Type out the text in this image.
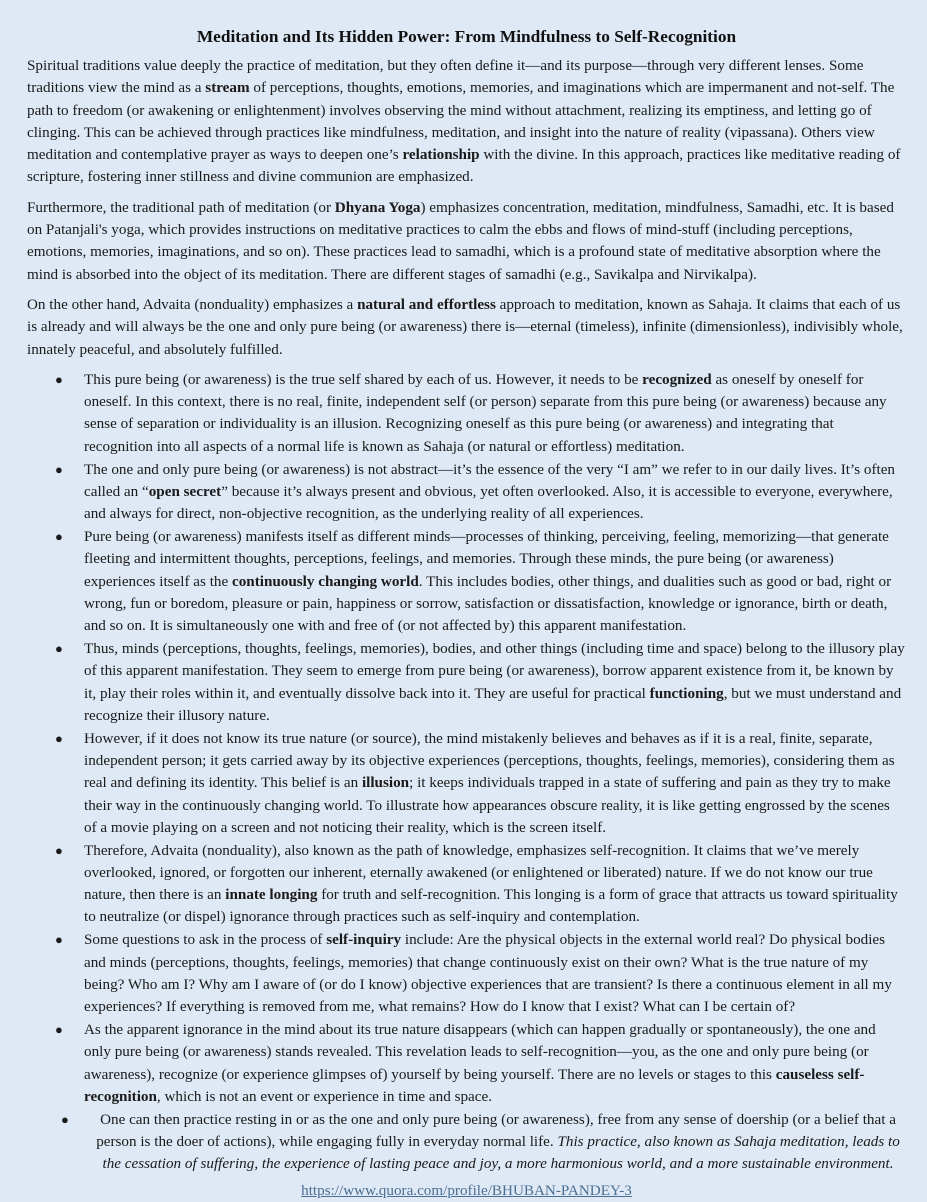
Meditation and Its Hidden Power: From Mindfulness to Self-Recognition

Spiritual traditions value deeply the practice of meditation, but they often define it—and its purpose—through very different lenses. Some traditions view the mind as a stream of perceptions, thoughts, emotions, memories, and imaginations which are impermanent and not-self. The path to freedom (or awakening or enlightenment) involves observing the mind without attachment, realizing its emptiness, and letting go of clinging. This can be achieved through practices like mindfulness, meditation, and insight into the nature of reality (vipassana). Others view meditation and contemplative prayer as ways to deepen one’s relationship with the divine. In this approach, practices like meditative reading of scripture, fostering inner stillness and divine communion are emphasized.

Furthermore, the traditional path of meditation (or Dhyana Yoga) emphasizes concentration, meditation, mindfulness, Samadhi, etc. It is based on Patanjali's yoga, which provides instructions on meditative practices to calm the ebbs and flows of mind-stuff (including perceptions, emotions, memories, imaginations, and so on). These practices lead to samadhi, which is a profound state of meditative absorption where the mind is absorbed into the object of its meditation. There are different stages of samadhi (e.g., Savikalpa and Nirvikalpa).

On the other hand, Advaita (nonduality) emphasizes a natural and effortless approach to meditation, known as Sahaja. It claims that each of us is already and will always be the one and only pure being (or awareness) there is—eternal (timeless), infinite (dimensionless), indivisibly whole, innately peaceful, and absolutely fulfilled.

● This pure being (or awareness) is the true self shared by each of us. However, it needs to be recognized as oneself by oneself for oneself. In this context, there is no real, finite, independent self (or person) separate from this pure being (or awareness) because any sense of separation or individuality is an illusion. Recognizing oneself as this pure being (or awareness) and integrating that recognition into all aspects of a normal life is known as Sahaja (or natural or effortless) meditation.
● The one and only pure being (or awareness) is not abstract—it’s the essence of the very “I am” we refer to in our daily lives. It’s often called an “open secret” because it’s always present and obvious, yet often overlooked. Also, it is accessible to everyone, everywhere, and always for direct, non-objective recognition, as the underlying reality of all experiences.
● Pure being (or awareness) manifests itself as different minds—processes of thinking, perceiving, feeling, memorizing—that generate fleeting and intermittent thoughts, perceptions, feelings, and memories. Through these minds, the pure being (or awareness) experiences itself as the continuously changing world. This includes bodies, other things, and dualities such as good or bad, right or wrong, fun or boredom, pleasure or pain, happiness or sorrow, satisfaction or dissatisfaction, knowledge or ignorance, birth or death, and so on. It is simultaneously one with and free of (or not affected by) this apparent manifestation.
● Thus, minds (perceptions, thoughts, feelings, memories), bodies, and other things (including time and space) belong to the illusory play of this apparent manifestation. They seem to emerge from pure being (or awareness), borrow apparent existence from it, be known by it, play their roles within it, and eventually dissolve back into it. They are useful for practical functioning, but we must understand and recognize their illusory nature.
● However, if it does not know its true nature (or source), the mind mistakenly believes and behaves as if it is a real, finite, separate, independent person; it gets carried away by its objective experiences (perceptions, thoughts, feelings, memories), considering them as real and defining its identity. This belief is an illusion; it keeps individuals trapped in a state of suffering and pain as they try to make their way in the continuously changing world. To illustrate how appearances obscure reality, it is like getting engrossed by the scenes of a movie playing on a screen and not noticing their reality, which is the screen itself.
● Therefore, Advaita (nonduality), also known as the path of knowledge, emphasizes self-recognition. It claims that we’ve merely overlooked, ignored, or forgotten our inherent, eternally awakened (or enlightened or liberated) nature. If we do not know our true nature, then there is an innate longing for truth and self-recognition. This longing is a form of grace that attracts us toward spirituality to neutralize (or dispel) ignorance through practices such as self-inquiry and contemplation.
● Some questions to ask in the process of self-inquiry include: Are the physical objects in the external world real? Do physical bodies and minds (perceptions, thoughts, feelings, memories) that change continuously exist on their own? What is the true nature of my being? Who am I? Why am I aware of (or do I know) objective experiences that are transient? Is there a continuous element in all my experiences? If everything is removed from me, what remains? How do I know that I exist? What can I be certain of?
● As the apparent ignorance in the mind about its true nature disappears (which can happen gradually or spontaneously), the one and only pure being (or awareness) stands revealed. This revelation leads to self-recognition—you, as the one and only pure being (or awareness), recognize (or experience glimpses of) yourself by being yourself. There are no levels or stages to this causeless self-recognition, which is not an event or experience in time and space.
● One can then practice resting in or as the one and only pure being (or awareness), free from any sense of doership (or a belief that a person is the doer of actions), while engaging fully in everyday normal life. This practice, also known as Sahaja meditation, leads to the cessation of suffering, the experience of lasting peace and joy, a more harmonious world, and a more sustainable environment.
https://www.quora.com/profile/BHUBAN-PANDEY-3
